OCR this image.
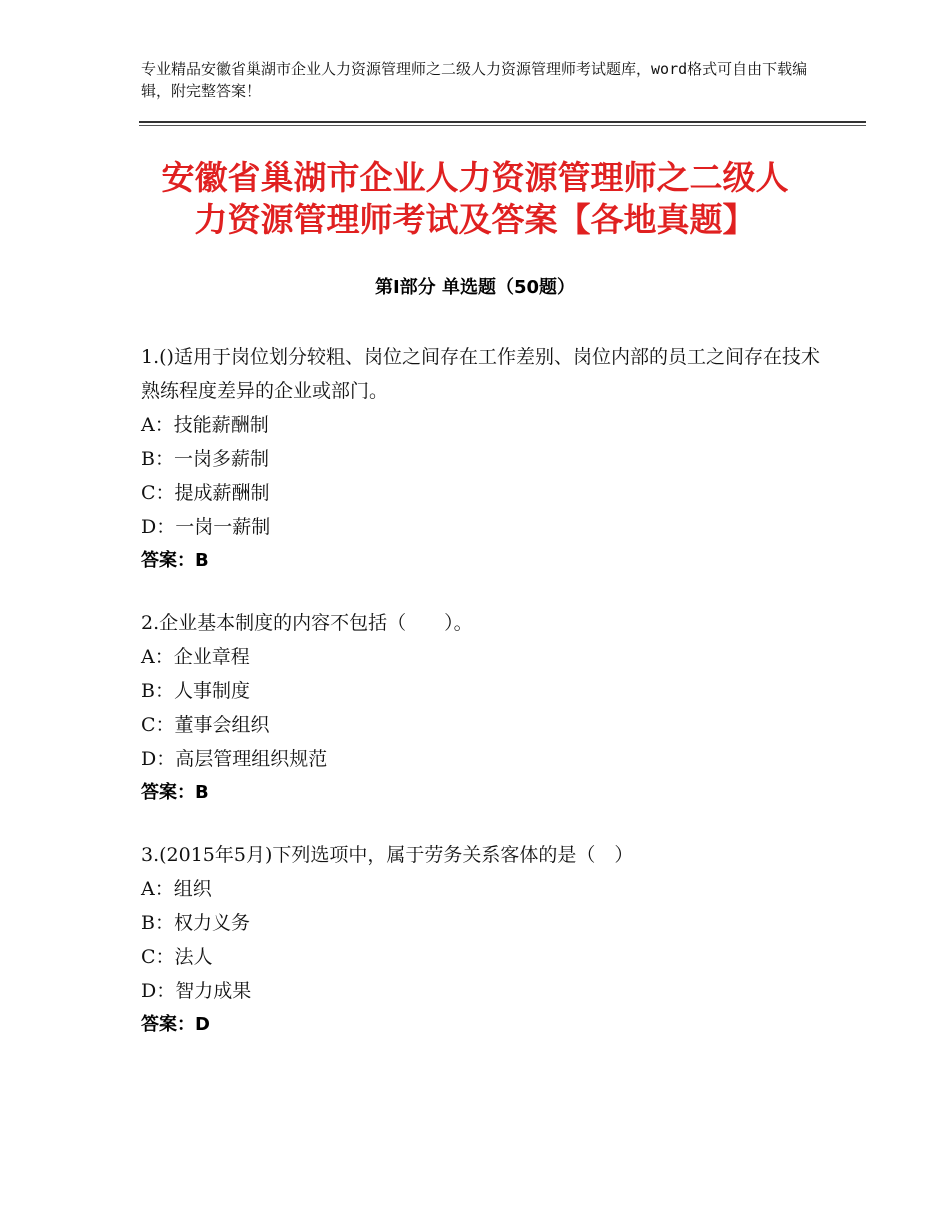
专业精品安徽省巢湖市企业人力资源管理师之二级人力资源管理师考试题库，word格式可自由下载编辑，附完整答案！
安徽省巢湖市企业人力资源管理师之二级人
力资源管理师考试及答案【各地真题】
第Ⅰ部分 单选题（50题）
1.()适用于岗位划分较粗、岗位之间存在工作差别、岗位内部的员工之间存在技术熟练程度差异的企业或部门。
A：技能薪酬制
B：一岗多薪制
C：提成薪酬制
D：一岗一薪制
答案：B
2.企业基本制度的内容不包括（　　）。
A：企业章程
B：人事制度
C：董事会组织
D：高层管理组织规范
答案：B
3.(2015年5月)下列选项中，属于劳务关系客体的是（　）
A：组织
B：权力义务
C：法人
D：智力成果
答案：D
